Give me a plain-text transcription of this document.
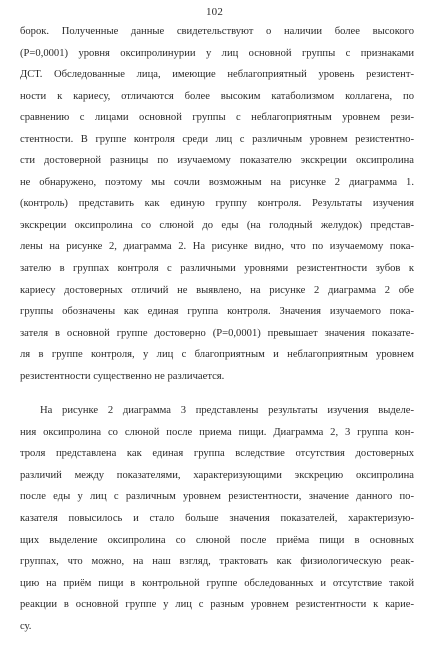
102
борок. Полученные данные свидетельствуют о наличии более высокого
(Р=0,0001) уровня оксипролинурии у лиц основной группы с признаками
ДСТ. Обследованные лица, имеющие неблагоприятный уровень резистент-
ности к кариесу, отличаются более высоким катаболизмом коллагена, по
сравнению с лицами основной группы с неблагоприятным уровнем рези-
стентности. В группе контроля среди лиц с различным уровнем резистентно-
сти достоверной разницы по изучаемому показателю экскреции оксипролина
не обнаружено, поэтому мы сочли возможным на рисунке 2 диаграмма 1.
(контроль) представить как единую группу контроля. Результаты изучения
экскреции оксипролина со слюной до еды (на голодный желудок) представ-
лены на рисунке 2, диаграмма 2. На рисунке видно, что по изучаемому пока-
зателю в группах контроля с различными уровнями резистентности зубов к
кариесу достоверных отличий не выявлено, на рисунке 2 диаграмма 2 обе
группы обозначены как единая группа контроля. Значения изучаемого пока-
зателя в основной группе достоверно (Р=0,0001) превышает значения показате-
ля в группе контроля, у лиц с благоприятным и неблагоприятным уровнем
резистентности существенно не различается.
На рисунке 2 диаграмма 3 представлены результаты изучения выделе-
ния оксипролина со слюной после приема пищи. Диаграмма 2, 3 группа кон-
троля представлена как единая группа вследствие отсутствия достоверных
различий между показателями, характеризующими экскрецию оксипролина
после еды у лиц с различным уровнем резистентности, значение данного по-
казателя повысилось и стало больше значения показателей, характеризую-
щих выделение оксипролина со слюной после приёма пищи в основных
группах, что можно, на наш взгляд, трактовать как физиологическую реак-
цию на приём пищи в контрольной группе обследованных и отсутствие такой
реакции в основной группе у лиц с разным уровнем резистентности к карие-
су.
